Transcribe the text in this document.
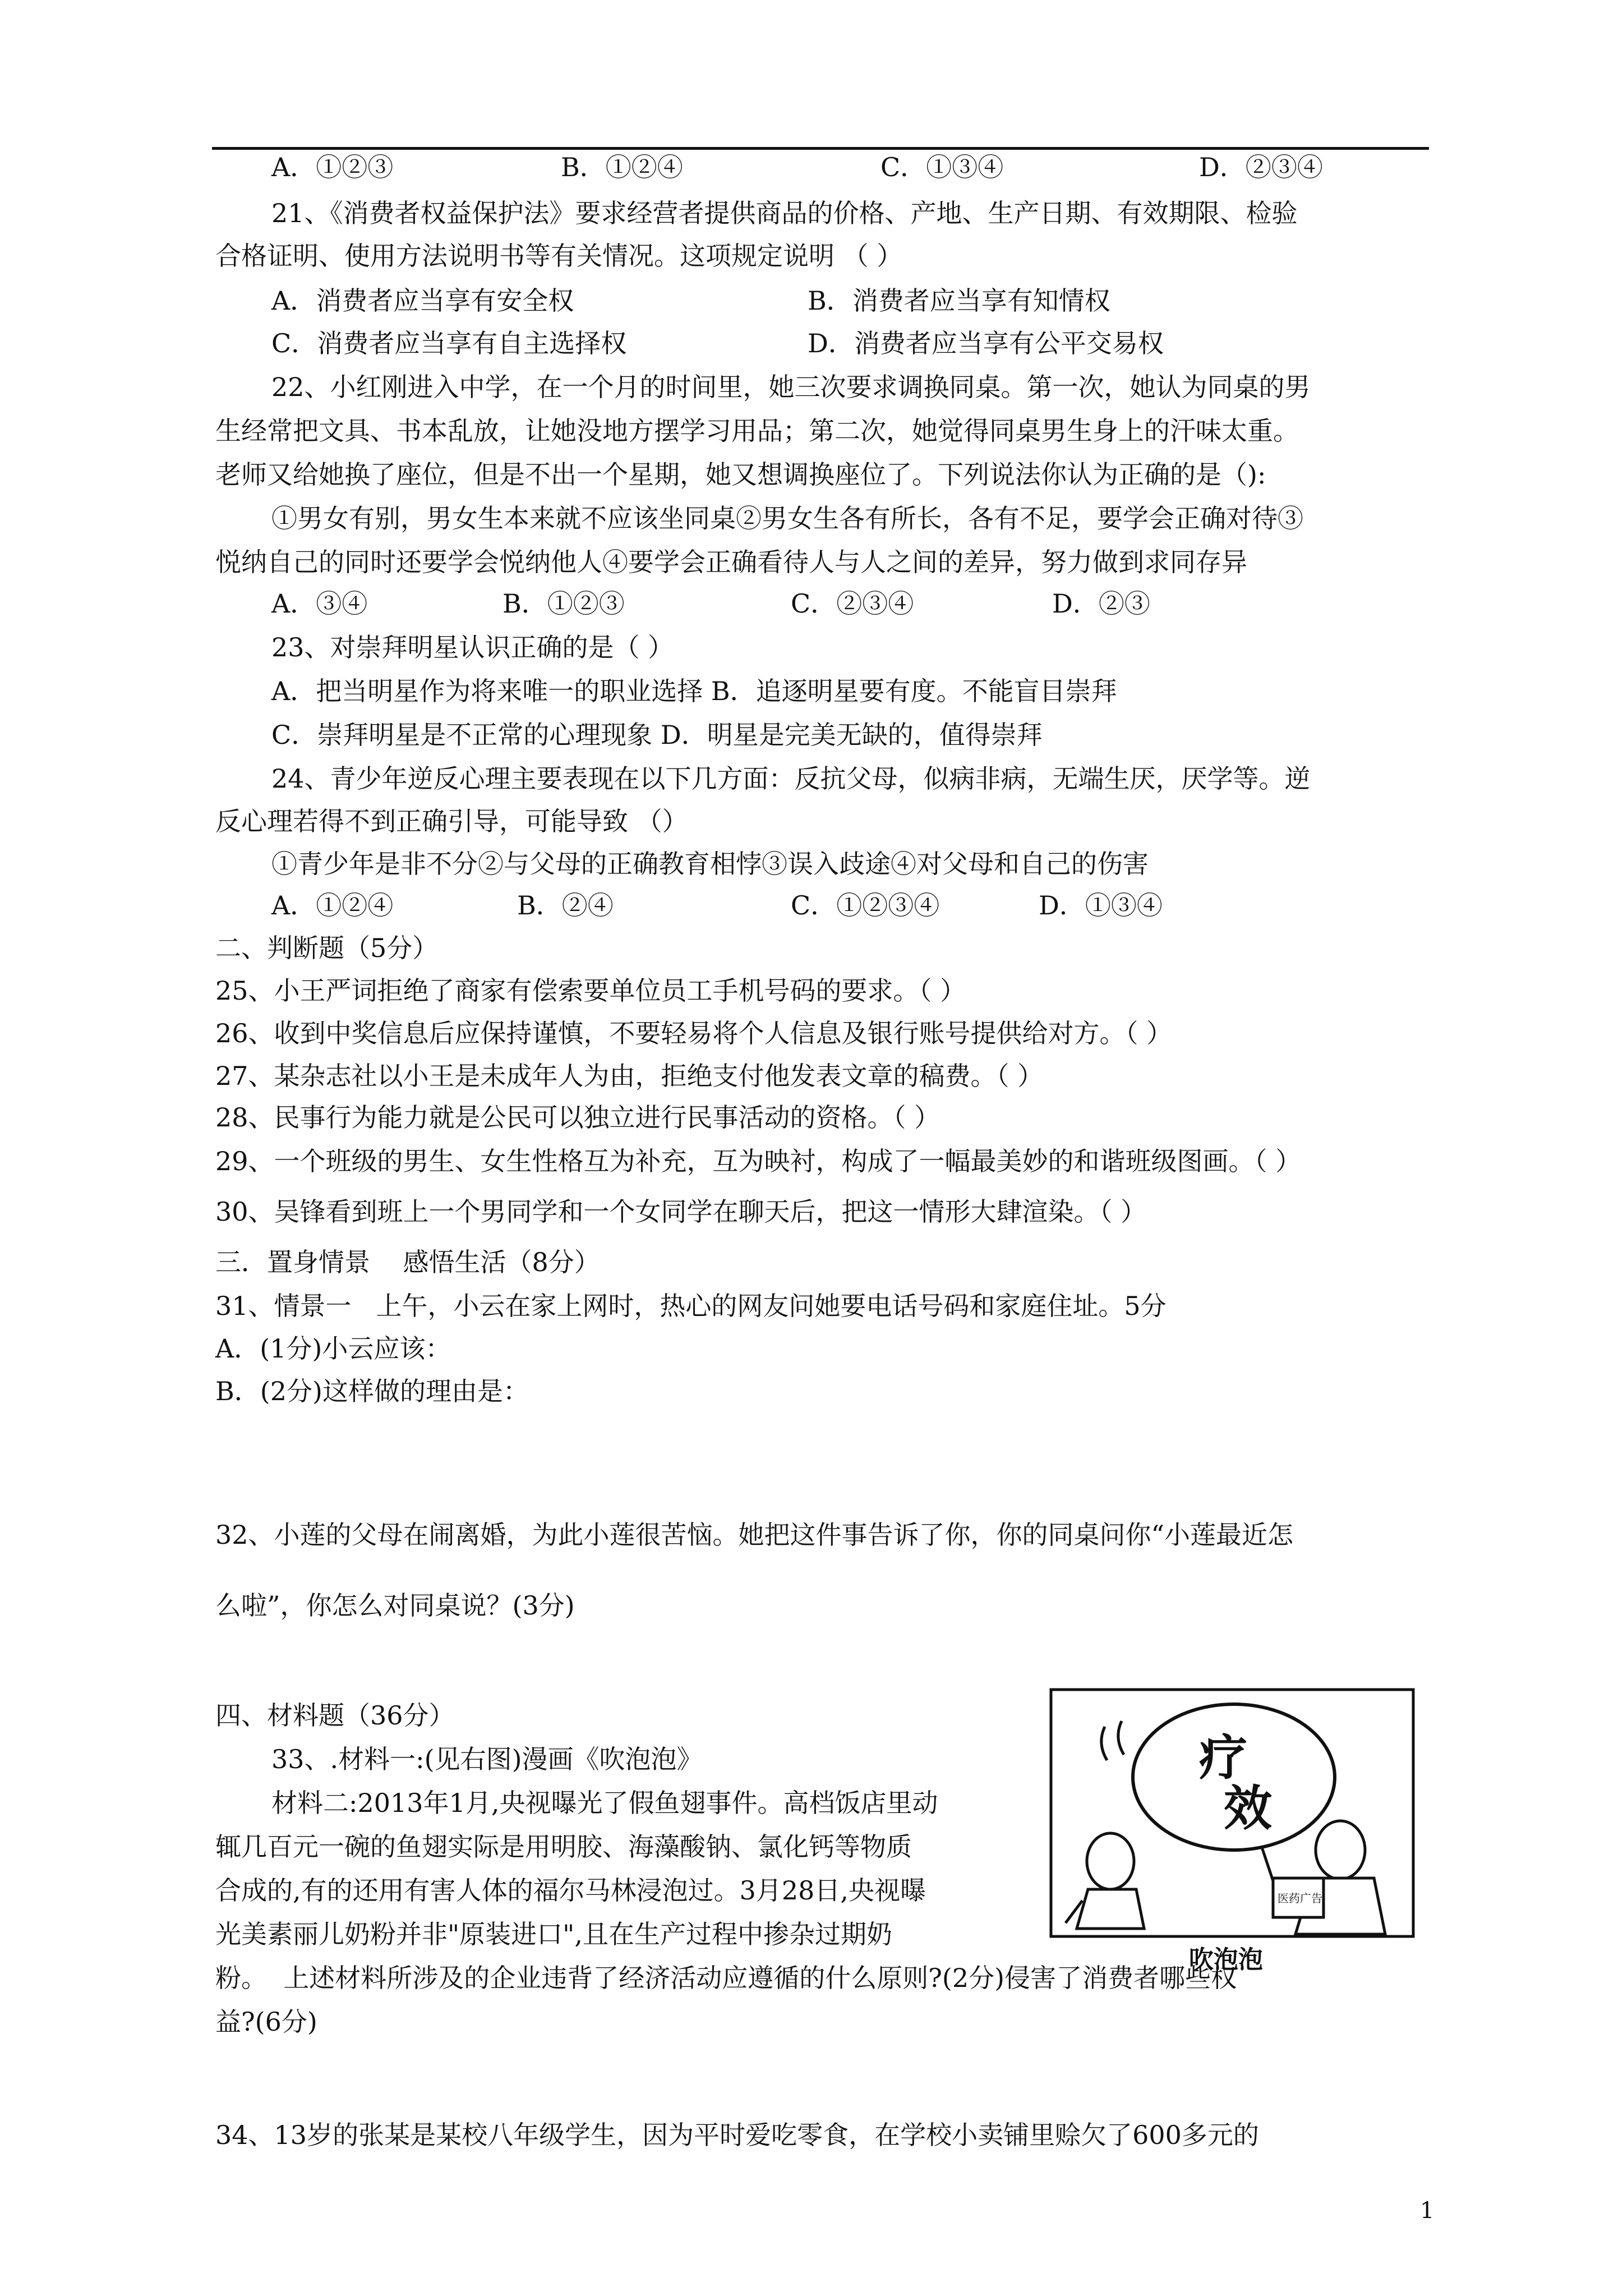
A．①②③	B．①②④	C．①③④	D．②③④
21、《消费者权益保护法》要求经营者提供商品的价格、产地、生产日期、有效期限、检验
合格证明、使用方法说明书等有关情况。这项规定说明 （ ）
A．消费者应当享有安全权	B．消费者应当享有知情权
C．消费者应当享有自主选择权	D．消费者应当享有公平交易权
22、小红刚进入中学，在一个月的时间里，她三次要求调换同桌。第一次，她认为同桌的男
生经常把文具、书本乱放，让她没地方摆学习用品；第二次，她觉得同桌男生身上的汗味太重。
老师又给她换了座位，但是不出一个星期，她又想调换座位了。下列说法你认为正确的是（):
①男女有别，男女生本来就不应该坐同桌②男女生各有所长，各有不足，要学会正确对待③
悦纳自己的同时还要学会悦纳他人④要学会正确看待人与人之间的差异，努力做到求同存异
A．③④	B．①②③	C．②③④	D．②③
23、对崇拜明星认识正确的是（ ）
A．把当明星作为将来唯一的职业选择 B．追逐明星要有度。不能盲目崇拜
C．崇拜明星是不正常的心理现象 D．明星是完美无缺的，值得崇拜
24、青少年逆反心理主要表现在以下几方面：反抗父母，似病非病，无端生厌，厌学等。逆
反心理若得不到正确引导，可能导致 （）
①青少年是非不分②与父母的正确教育相悖③误入歧途④对父母和自己的伤害
A．①②④	B．②④	C．①②③④	D．①③④
二、判断题（5分）
25、小王严词拒绝了商家有偿索要单位员工手机号码的要求。（ ）
26、收到中奖信息后应保持谨慎，不要轻易将个人信息及银行账号提供给对方。（ ）
27、某杂志社以小王是未成年人为由，拒绝支付他发表文章的稿费。（ ）
28、民事行为能力就是公民可以独立进行民事活动的资格。（ ）
29、一个班级的男生、女生性格互为补充，互为映衬，构成了一幅最美妙的和谐班级图画。（ ）
30、吴锋看到班上一个男同学和一个女同学在聊天后，把这一情形大肆渲染。（ ）
三．置身情景    感悟生活（8分）
31、情景一   上午，小云在家上网时，热心的网友问她要电话号码和家庭住址。5分
A．(1分)小云应该：
B．(2分)这样做的理由是：
32、小莲的父母在闹离婚，为此小莲很苦恼。她把这件事告诉了你，你的同桌问你“小莲最近怎
么啦”，你怎么对同桌说？(3分)
四、材料题（36分）
33、.材料一:(见右图)漫画《吹泡泡》
材料二:2013年1月,央视曝光了假鱼翅事件。高档饭店里动
辄几百元一碗的鱼翅实际是用明胶、海藻酸钠、氯化钙等物质
合成的,有的还用有害人体的福尔马林浸泡过。3月28日,央视曝
光美素丽儿奶粉并非"原装进口",且在生产过程中掺杂过期奶
粉。  上述材料所涉及的企业违背了经济活动应遵循的什么原则?(2分)侵害了消费者哪些权
益?(6分)
34、13岁的张某是某校八年级学生，因为平时爱吃零食，在学校小卖铺里赊欠了600多元的
疗
效
医药广告
吹泡泡
1
